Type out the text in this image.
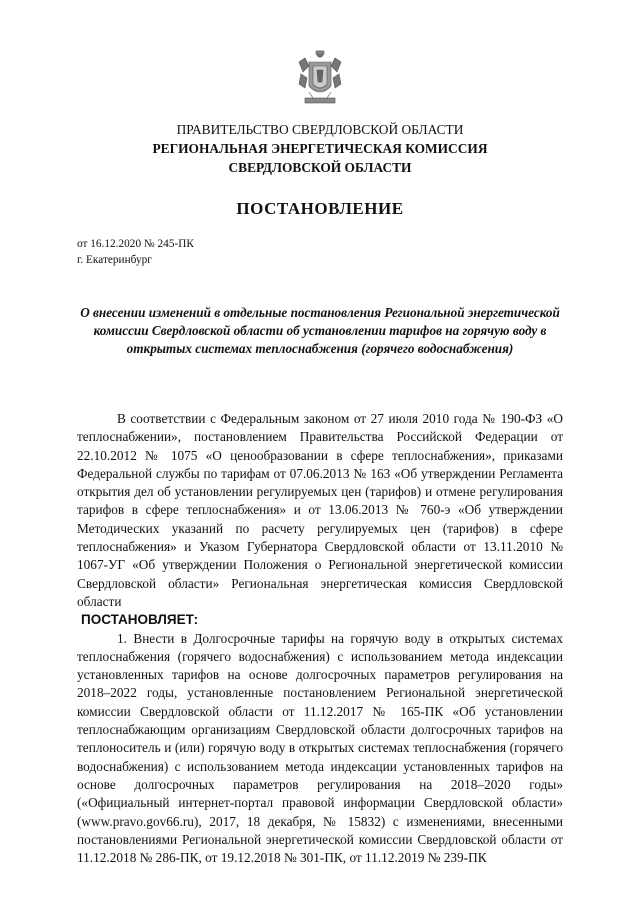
ПРАВИТЕЛЬСТВО СВЕРДЛОВСКОЙ ОБЛАСТИ
РЕГИОНАЛЬНАЯ ЭНЕРГЕТИЧЕСКАЯ КОМИССИЯ
СВЕРДЛОВСКОЙ ОБЛАСТИ
ПОСТАНОВЛЕНИЕ
от 16.12.2020 № 245-ПК
г. Екатеринбург
О внесении изменений в отдельные постановления Региональной энергетической комиссии Свердловской области об установлении тарифов на горячую воду в открытых системах теплоснабжения (горячего водоснабжения)

В соответствии с Федеральным законом от 27 июля 2010 года № 190-ФЗ «О теплоснабжении», постановлением Правительства Российской Федерации от 22.10.2012 № 1075 «О ценообразовании в сфере теплоснабжения», приказами Федеральной службы по тарифам от 07.06.2013 № 163 «Об утверждении Регламента открытия дел об установлении регулируемых цен (тарифов) и отмене регулирования тарифов в сфере теплоснабжения» и от 13.06.2013 № 760-э «Об утверждении Методических указаний по расчету регулируемых цен (тарифов) в сфере теплоснабжения» и Указом Губернатора Свердловской области от 13.11.2010 № 1067-УГ «Об утверждении Положения о Региональной энергетической комиссии Свердловской области» Региональная энергетическая комиссия Свердловской области

ПОСТАНОВЛЯЕТ:

1. Внести в Долгосрочные тарифы на горячую воду в открытых системах теплоснабжения (горячего водоснабжения) с использованием метода индексации установленных тарифов на основе долгосрочных параметров регулирования на 2018–2022 годы, установленные постановлением Региональной энергетической комиссии Свердловской области от 11.12.2017 № 165-ПК «Об установлении теплоснабжающим организациям Свердловской области долгосрочных тарифов на теплоноситель и (или) горячую воду в открытых системах теплоснабжения (горячего водоснабжения) с использованием метода индексации установленных тарифов на основе долгосрочных параметров регулирования на 2018–2020 годы» («Официальный интернет-портал правовой информации Свердловской области» (www.pravo.gov66.ru), 2017, 18 декабря, № 15832) с изменениями, внесенными постановлениями Региональной энергетической комиссии Свердловской области от 11.12.2018 № 286-ПК, от 19.12.2018 № 301-ПК, от 11.12.2019 № 239-ПК
